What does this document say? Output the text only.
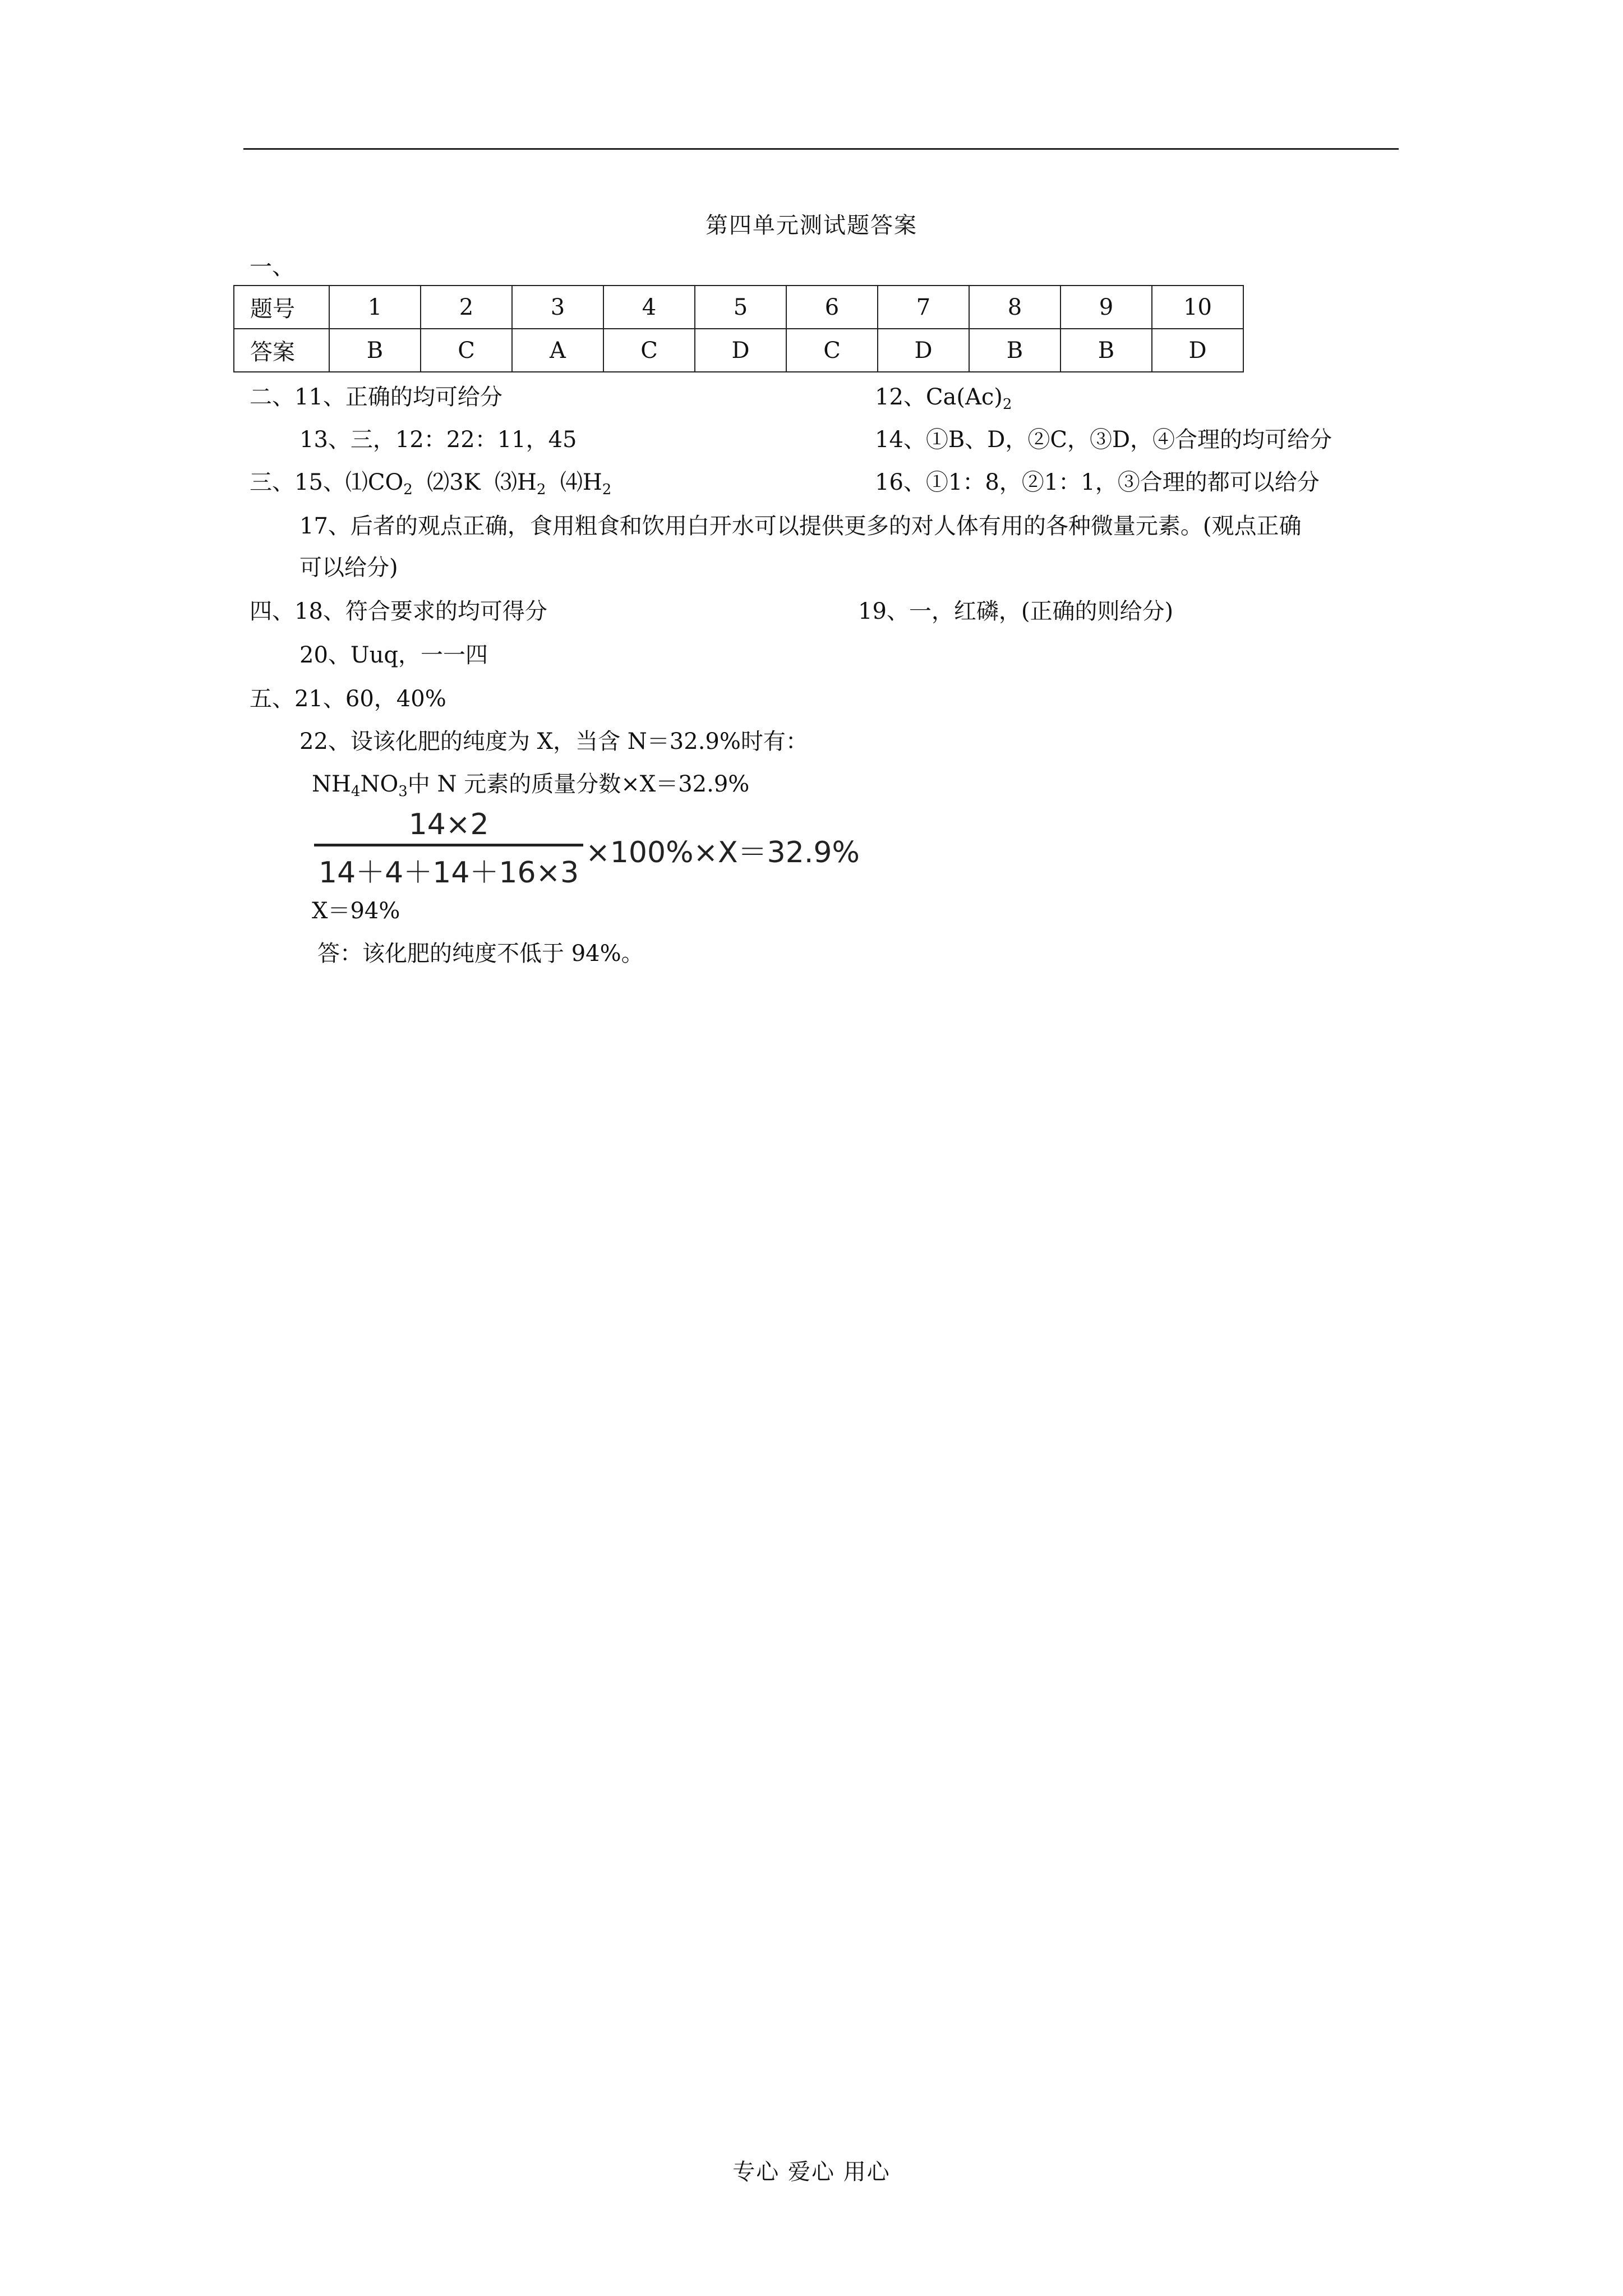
第四单元测试题答案
一、
题号	1	2	3	4	5	6	7	8	9	10
答案	B	C	A	C	D	C	D	B	B	D
二、11、正确的均可给分	12、$Ca(Ac)_2$
13、三，12：22：11，45	14、①B、D，②C，③D，④合理的均可给分
三、15、$⑴CO_2$  ⑵3K  $⑶H_2$  $⑷H_2$	16、①1：8，②1：1，③合理的都可以给分
17、后者的观点正确，食用粗食和饮用白开水可以提供更多的对人体有用的各种微量元素。(观点正确
可以给分)
四、18、符合要求的均可得分	19、一，红磷，(正确的则给分)
20、Uuq，一一四
五、21、60，40%
22、设该化肥的纯度为 X，当含 N＝32.9%时有：
$NH_4NO_3$中 N 元素的质量分数×X＝32.9%
$\frac{14\times 2}{14+4+14+16\times 3} \times 100\%\times X=32.9\%$
X＝94%
答：该化肥的纯度不低于 94%。
专心 爱心 用心
